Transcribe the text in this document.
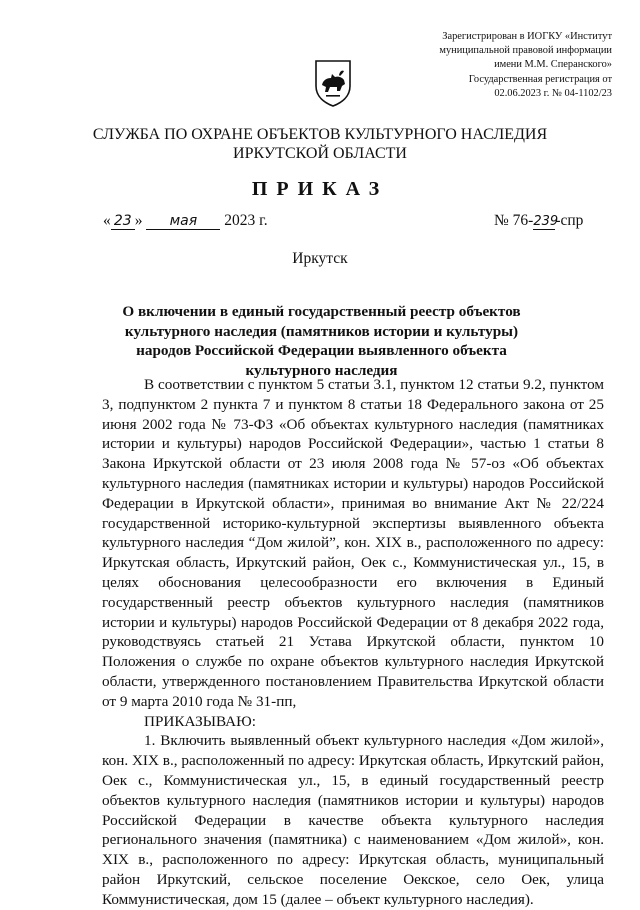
Зарегистрирован в ИОГКУ «Институт
муниципальной правовой информации
имени М.М. Сперанского»
Государственная регистрация от
02.06.2023 г. № 04-1102/23
СЛУЖБА ПО ОХРАНЕ ОБЪЕКТОВ КУЛЬТУРНОГО НАСЛЕДИЯ
ИРКУТСКОЙ ОБЛАСТИ
ПРИКАЗ
« 23 » мая 2023 г.	№ 76-239-спр
Иркутск
О включении в единый государственный реестр объектов культурного наследия (памятников истории и культуры) народов Российской Федерации выявленного объекта культурного наследия

В соответствии с пунктом 5 статьи 3.1, пунктом 12 статьи 9.2, пунктом 3, подпунктом 2 пункта 7 и пунктом 8 статьи 18 Федерального закона от 25 июня 2002 года № 73-ФЗ «Об объектах культурного наследия (памятниках истории и культуры) народов Российской Федерации», частью 1 статьи 8 Закона Иркутской области от 23 июля 2008 года № 57-оз «Об объектах культурного наследия (памятниках истории и культуры) народов Российской Федерации в Иркутской области», принимая во внимание Акт № 22/224 государственной историко-культурной экспертизы выявленного объекта культурного наследия “Дом жилой”, кон. XIX в., расположенного по адресу: Иркутская область, Иркутский район, Оек с., Коммунистическая ул., 15, в целях обоснования целесообразности его включения в Единый государственный реестр объектов культурного наследия (памятников истории и культуры) народов Российской Федерации от 8 декабря 2022 года, руководствуясь статьей 21 Устава Иркутской области, пунктом 10 Положения о службе по охране объектов культурного наследия Иркутской области, утвержденного постановлением Правительства Иркутской области от 9 марта 2010 года № 31-пп,

ПРИКАЗЫВАЮ:

1. Включить выявленный объект культурного наследия «Дом жилой», кон. XIX в., расположенный по адресу: Иркутская область, Иркутский район, Оек с., Коммунистическая ул., 15, в единый государственный реестр объектов культурного наследия (памятников истории и культуры) народов Российской Федерации в качестве объекта культурного наследия регионального значения (памятника) с наименованием «Дом жилой», кон. XIX в., расположенного по адресу: Иркутская область, муниципальный район Иркутский, сельское поселение Оекское, село Оек, улица Коммунистическая, дом 15 (далее – объект культурного наследия).
